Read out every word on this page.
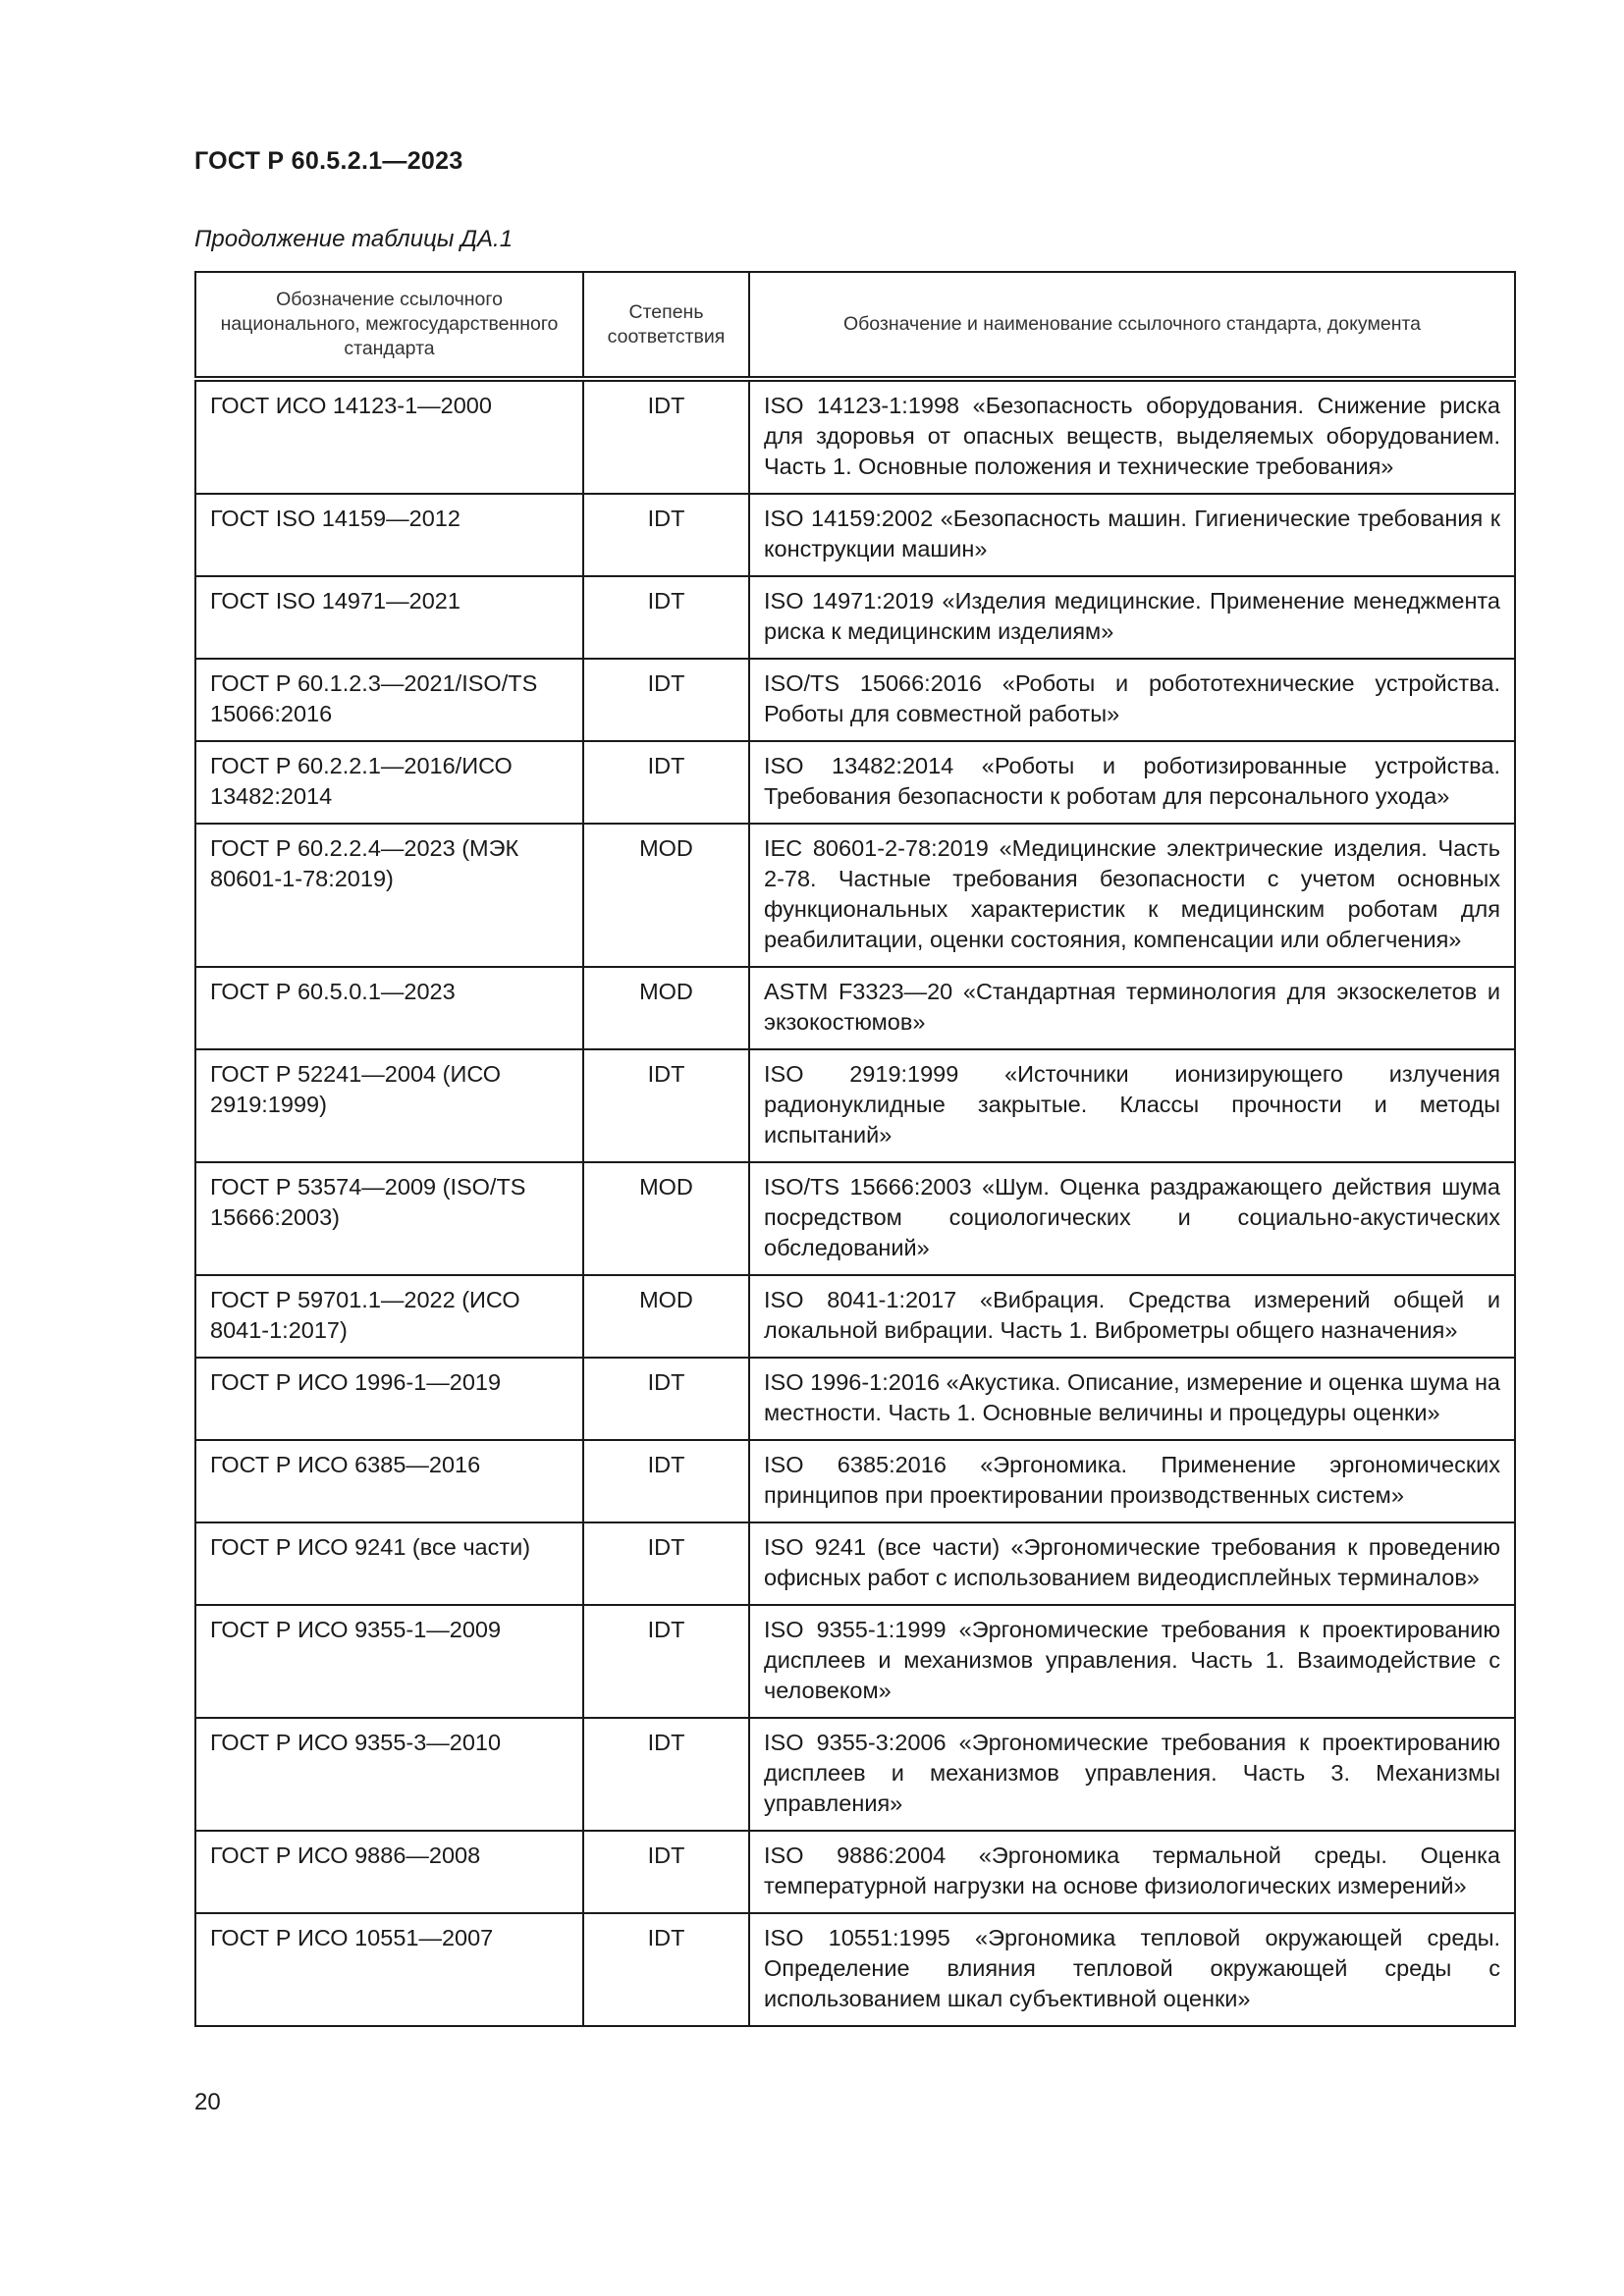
ГОСТ Р 60.5.2.1—2023
Продолжение таблицы ДА.1
Обозначение ссылочного национального, межгосударственного стандарта	Степень соответствия	Обозначение и наименование ссылочного стандарта, документа
ГОСТ ИСО 14123-1—2000	IDT	ISO 14123-1:1998 «Безопасность оборудования. Снижение риска для здоровья от опасных веществ, выделяемых оборудованием. Часть 1. Основные положения и технические требования»
ГОСТ ISO 14159—2012	IDT	ISO 14159:2002 «Безопасность машин. Гигиенические требования к конструкции машин»
ГОСТ ISO 14971—2021	IDT	ISO 14971:2019 «Изделия медицинские. Применение менеджмента риска к медицинским изделиям»
ГОСТ Р 60.1.2.3—2021/ISO/TS 15066:2016	IDT	ISO/TS 15066:2016 «Роботы и робототехнические устройства. Роботы для совместной работы»
ГОСТ Р 60.2.2.1—2016/ИСО 13482:2014	IDT	ISO 13482:2014 «Роботы и роботизированные устройства. Требования безопасности к роботам для персонального ухода»
ГОСТ Р 60.2.2.4—2023 (МЭК 80601-1-78:2019)	MOD	IEC 80601-2-78:2019 «Медицинские электрические изделия. Часть 2-78. Частные требования безопасности с учетом основных функциональных характеристик к медицинским роботам для реабилитации, оценки состояния, компенсации или облегчения»
ГОСТ Р 60.5.0.1—2023	MOD	ASTM F3323—20 «Стандартная терминология для экзоскелетов и экзокостюмов»
ГОСТ Р 52241—2004 (ИСО 2919:1999)	IDT	ISO 2919:1999 «Источники ионизирующего излучения радионуклидные закрытые. Классы прочности и методы испытаний»
ГОСТ Р 53574—2009 (ISO/TS 15666:2003)	MOD	ISO/TS 15666:2003 «Шум. Оценка раздражающего действия шума посредством социологических и социально-акустических обследований»
ГОСТ Р 59701.1—2022 (ИСО 8041-1:2017)	MOD	ISO 8041-1:2017 «Вибрация. Средства измерений общей и локальной вибрации. Часть 1. Виброметры общего назначения»
ГОСТ Р ИСО 1996-1—2019	IDT	ISO 1996-1:2016 «Акустика. Описание, измерение и оценка шума на местности. Часть 1. Основные величины и процедуры оценки»
ГОСТ Р ИСО 6385—2016	IDT	ISO 6385:2016 «Эргономика. Применение эргономических принципов при проектировании производственных систем»
ГОСТ Р ИСО 9241 (все части)	IDT	ISO 9241 (все части) «Эргономические требования к проведению офисных работ с использованием видеодисплейных терминалов»
ГОСТ Р ИСО 9355-1—2009	IDT	ISO 9355-1:1999 «Эргономические требования к проектированию дисплеев и механизмов управления. Часть 1. Взаимодействие с человеком»
ГОСТ Р ИСО 9355-3—2010	IDT	ISO 9355-3:2006 «Эргономические требования к проектированию дисплеев и механизмов управления. Часть 3. Механизмы управления»
ГОСТ Р ИСО 9886—2008	IDT	ISO 9886:2004 «Эргономика термальной среды. Оценка температурной нагрузки на основе физиологических измерений»
ГОСТ Р ИСО 10551—2007	IDT	ISO 10551:1995 «Эргономика тепловой окружающей среды. Определение влияния тепловой окружающей среды с использованием шкал субъективной оценки»
20
